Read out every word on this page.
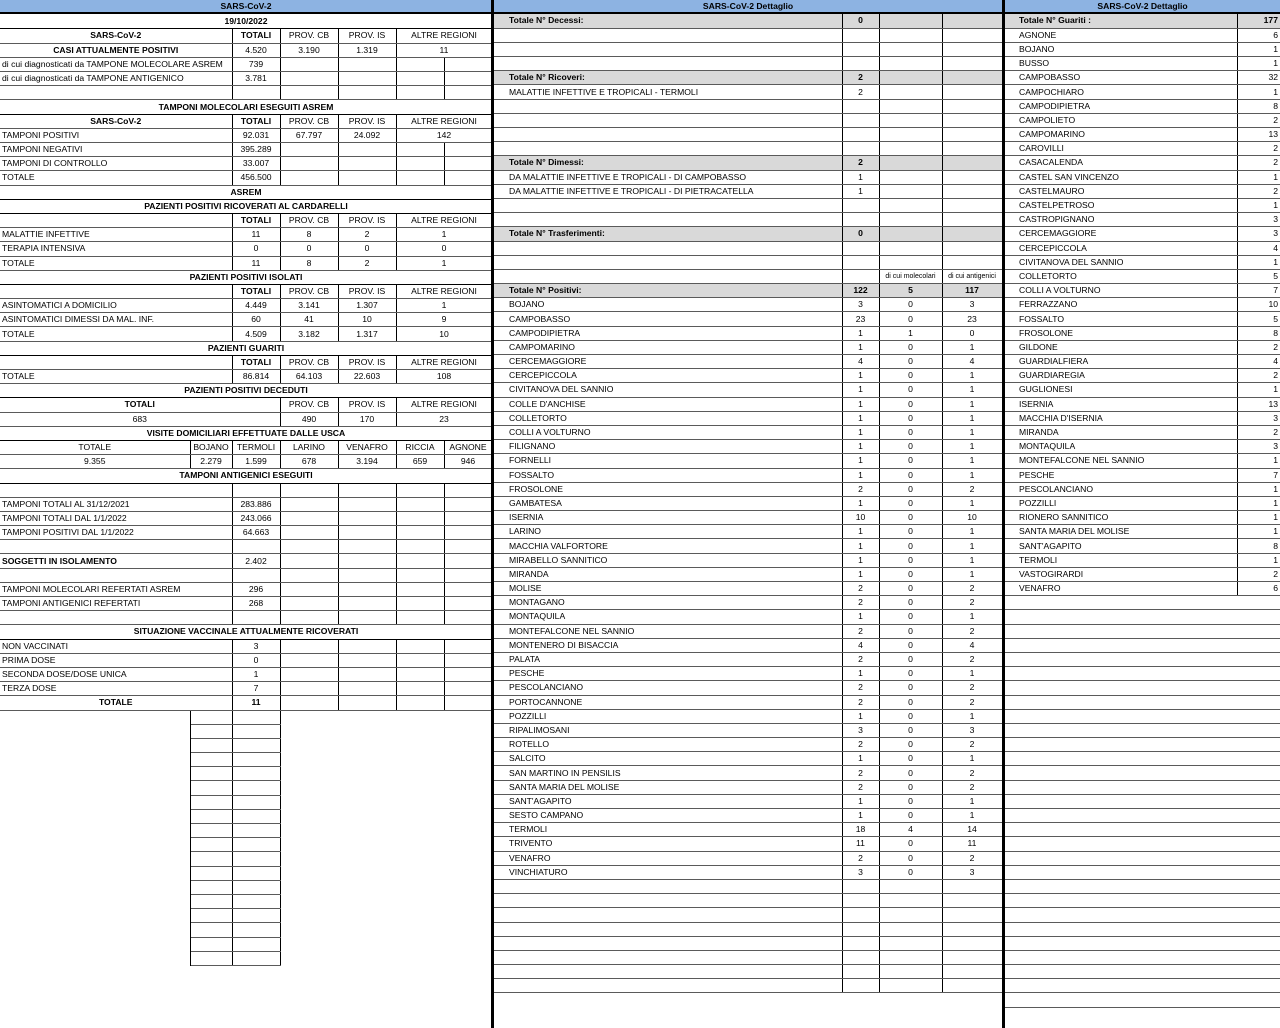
SARS-CoV-2
19/10/2022
SARS-CoV-2		TOTALI	PROV. CB	PROV. IS	ALTRE REGIONI	
CASI ATTUALMENTE POSITIVI		4.520	3.190	1.319	11	
di cui diagnosticati da TAMPONE MOLECOLARE ASREM		739				
di cui diagnosticati da TAMPONE ANTIGENICO		3.781				

TAMPONI MOLECOLARI ESEGUITI ASREM						
SARS-CoV-2		TOTALI	PROV. CB	PROV. IS	ALTRE REGIONI	
TAMPONI POSITIVI		92.031	67.797	24.092	142	
TAMPONI NEGATIVI		395.289				
TAMPONI DI CONTROLLO		33.007				
TOTALE		456.500				
ASREM						
PAZIENTI POSITIVI RICOVERATI AL CARDARELLI						
		TOTALI	PROV. CB	PROV. IS	ALTRE REGIONI	
MALATTIE INFETTIVE		11	8	2	1	
TERAPIA INTENSIVA		0	0	0	0	
TOTALE		11	8	2	1	
PAZIENTI POSITIVI ISOLATI						
		TOTALI	PROV. CB	PROV. IS	ALTRE REGIONI	
ASINTOMATICI A DOMICILIO		4.449	3.141	1.307	1	
ASINTOMATICI DIMESSI DA MAL. INF.		60	41	10	9	
TOTALE		4.509	3.182	1.317	10	
PAZIENTI GUARITI						
		TOTALI	PROV. CB	PROV. IS	ALTRE REGIONI	
TOTALE		86.814	64.103	22.603	108	
PAZIENTI POSITIVI DECEDUTI						
TOTALI			PROV. CB	PROV. IS	ALTRE REGIONI	
683			490	170	23	
VISITE DOMICILIARI EFFETTUATE DALLE USCA						
TOTALE	BOJANO	TERMOLI	LARINO	VENAFRO	RICCIA	AGNONE
9.355	2.279	1.599	678	3.194	659	946
TAMPONI ANTIGENICI ESEGUITI						

TAMPONI TOTALI AL 31/12/2021		283.886				
TAMPONI TOTALI DAL 1/1/2022		243.066				
TAMPONI POSITIVI DAL 1/1/2022		64.663				

SOGGETTI IN ISOLAMENTO		2.402				

TAMPONI MOLECOLARI REFERTATI ASREM		296				
TAMPONI ANTIGENICI REFERTATI		268				

SITUAZIONE VACCINALE ATTUALMENTE RICOVERATI						
NON VACCINATI		3				
PRIMA DOSE		0				
SECONDA DOSE/DOSE UNICA		1				
TERZA DOSE		7				
TOTALE		11				

SARS-CoV-2 Dettaglio
Totale N° Decessi:	0		

Totale N° Ricoveri:	2		
MALATTIE INFETTIVE E TROPICALI - TERMOLI	2		

Totale N° Dimessi:	2		
DA MALATTIE INFETTIVE E TROPICALI - DI CAMPOBASSO	1		
DA MALATTIE INFETTIVE E TROPICALI - DI PIETRACATELLA	1		

Totale N° Trasferimenti:	0		

		di cui molecolari	di cui antigenici
Totale N° Positivi:	122	5	117
BOJANO	3	0	3
CAMPOBASSO	23	0	23
CAMPODIPIETRA	1	1	0
CAMPOMARINO	1	0	1
CERCEMAGGIORE	4	0	4
CERCEPICCOLA	1	0	1
CIVITANOVA DEL SANNIO	1	0	1
COLLE D'ANCHISE	1	0	1
COLLETORTO	1	0	1
COLLI A VOLTURNO	1	0	1
FILIGNANO	1	0	1
FORNELLI	1	0	1
FOSSALTO	1	0	1
FROSOLONE	2	0	2
GAMBATESA	1	0	1
ISERNIA	10	0	10
LARINO	1	0	1
MACCHIA VALFORTORE	1	0	1
MIRABELLO SANNITICO	1	0	1
MIRANDA	1	0	1
MOLISE	2	0	2
MONTAGANO	2	0	2
MONTAQUILA	1	0	1
MONTEFALCONE NEL SANNIO	2	0	2
MONTENERO DI BISACCIA	4	0	4
PALATA	2	0	2
PESCHE	1	0	1
PESCOLANCIANO	2	0	2
PORTOCANNONE	2	0	2
POZZILLI	1	0	1
RIPALIMOSANI	3	0	3
ROTELLO	2	0	2
SALCITO	1	0	1
SAN MARTINO IN PENSILIS	2	0	2
SANTA MARIA DEL MOLISE	2	0	2
SANT'AGAPITO	1	0	1
SESTO CAMPANO	1	0	1
TERMOLI	18	4	14
TRIVENTO	11	0	11
VENAFRO	2	0	2
VINCHIATURO	3	0	3

SARS-CoV-2 Dettaglio
Totale N° Guariti :	177
AGNONE	6
BOJANO	1
BUSSO	1
CAMPOBASSO	32
CAMPOCHIARO	1
CAMPODIPIETRA	8
CAMPOLIETO	2
CAMPOMARINO	13
CAROVILLI	2
CASACALENDA	2
CASTEL SAN VINCENZO	1
CASTELMAURO	2
CASTELPETROSO	1
CASTROPIGNANO	3
CERCEMAGGIORE	3
CERCEPICCOLA	4
CIVITANOVA DEL SANNIO	1
COLLETORTO	5
COLLI A VOLTURNO	7
FERRAZZANO	10
FOSSALTO	5
FROSOLONE	8
GILDONE	2
GUARDIALFIERA	4
GUARDIAREGIA	2
GUGLIONESI	1
ISERNIA	13
MACCHIA D'ISERNIA	3
MIRANDA	2
MONTAQUILA	3
MONTEFALCONE NEL SANNIO	1
PESCHE	7
PESCOLANCIANO	1
POZZILLI	1
RIONERO SANNITICO	1
SANTA MARIA DEL MOLISE	1
SANT'AGAPITO	8
TERMOLI	1
VASTOGIRARDI	2
VENAFRO	6
